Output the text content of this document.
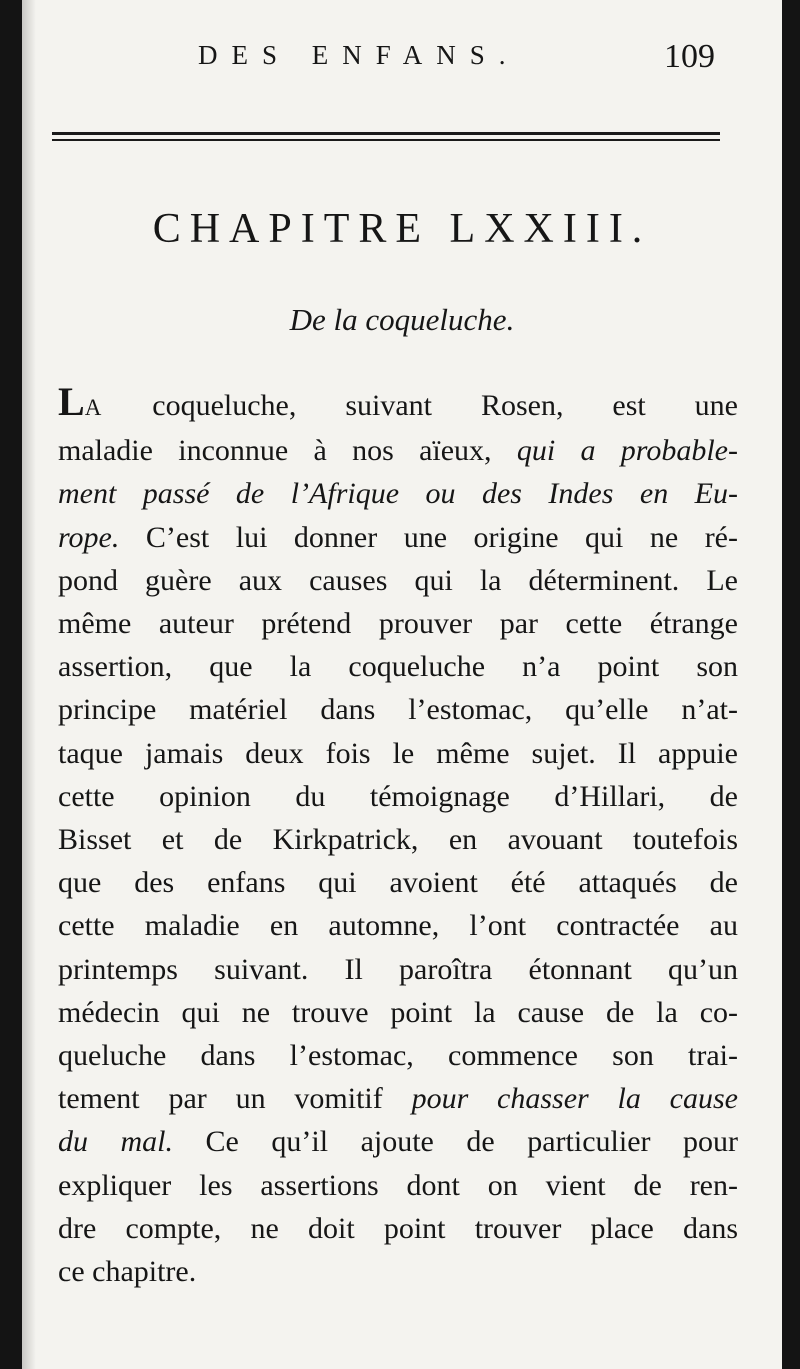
DES ENFANS.	109
CHAPITRE LXXIII.
De la coqueluche.
LA coqueluche, suivant Rosen, est une
maladie inconnue à nos aïeux, qui a probable-
ment passé de l’Afrique ou des Indes en Eu-
rope. C’est lui donner une origine qui ne ré-
pond guère aux causes qui la déterminent. Le
même auteur prétend prouver par cette étrange
assertion, que la coqueluche n’a point son
principe matériel dans l’estomac, qu’elle n’at-
taque jamais deux fois le même sujet. Il appuie
cette opinion du témoignage d’Hillari, de
Bisset et de Kirkpatrick, en avouant toutefois
que des enfans qui avoient été attaqués de
cette maladie en automne, l’ont contractée au
printemps suivant. Il paroîtra étonnant qu’un
médecin qui ne trouve point la cause de la co-
queluche dans l’estomac, commence son trai-
tement par un vomitif pour chasser la cause
du mal. Ce qu’il ajoute de particulier pour
expliquer les assertions dont on vient de ren-
dre compte, ne doit point trouver place dans
ce chapitre.
